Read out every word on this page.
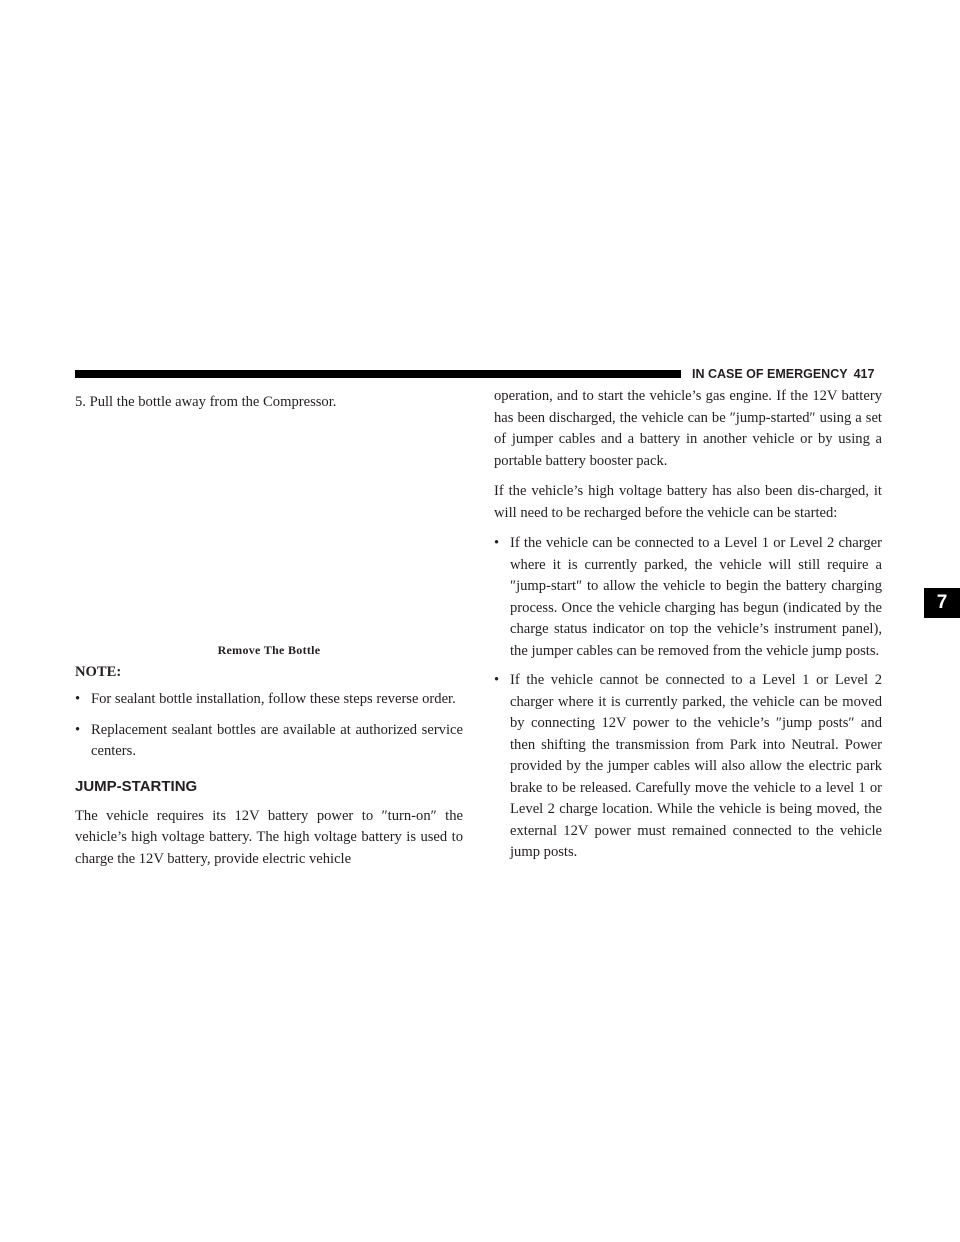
IN CASE OF EMERGENCY 417
7

5. Pull the bottle away from the Compressor.

Remove The Bottle
NOTE:
• For sealant bottle installation, follow these steps reverse order.
• Replacement sealant bottles are available at authorized service centers.
JUMP-STARTING

The vehicle requires its 12V battery power to ″turn-on″ the vehicle’s high voltage battery. The high voltage battery is used to charge the 12V battery, provide electric vehicle

operation, and to start the vehicle’s gas engine. If the 12V battery has been discharged, the vehicle can be ″jump-started″ using a set of jumper cables and a battery in another vehicle or by using a portable battery booster pack.

If the vehicle’s high voltage battery has also been dis-charged, it will need to be recharged before the vehicle can be started:

• If the vehicle can be connected to a Level 1 or Level 2 charger where it is currently parked, the vehicle will still require a ″jump-start″ to allow the vehicle to begin the battery charging process. Once the vehicle charging has begun (indicated by the charge status indicator on top the vehicle’s instrument panel), the jumper cables can be removed from the vehicle jump posts.
• If the vehicle cannot be connected to a Level 1 or Level 2 charger where it is currently parked, the vehicle can be moved by connecting 12V power to the vehicle’s ″jump posts″ and then shifting the transmission from Park into Neutral. Power provided by the jumper cables will also allow the electric park brake to be released. Carefully move the vehicle to a level 1 or Level 2 charge location. While the vehicle is being moved, the external 12V power must remained connected to the vehicle jump posts.
